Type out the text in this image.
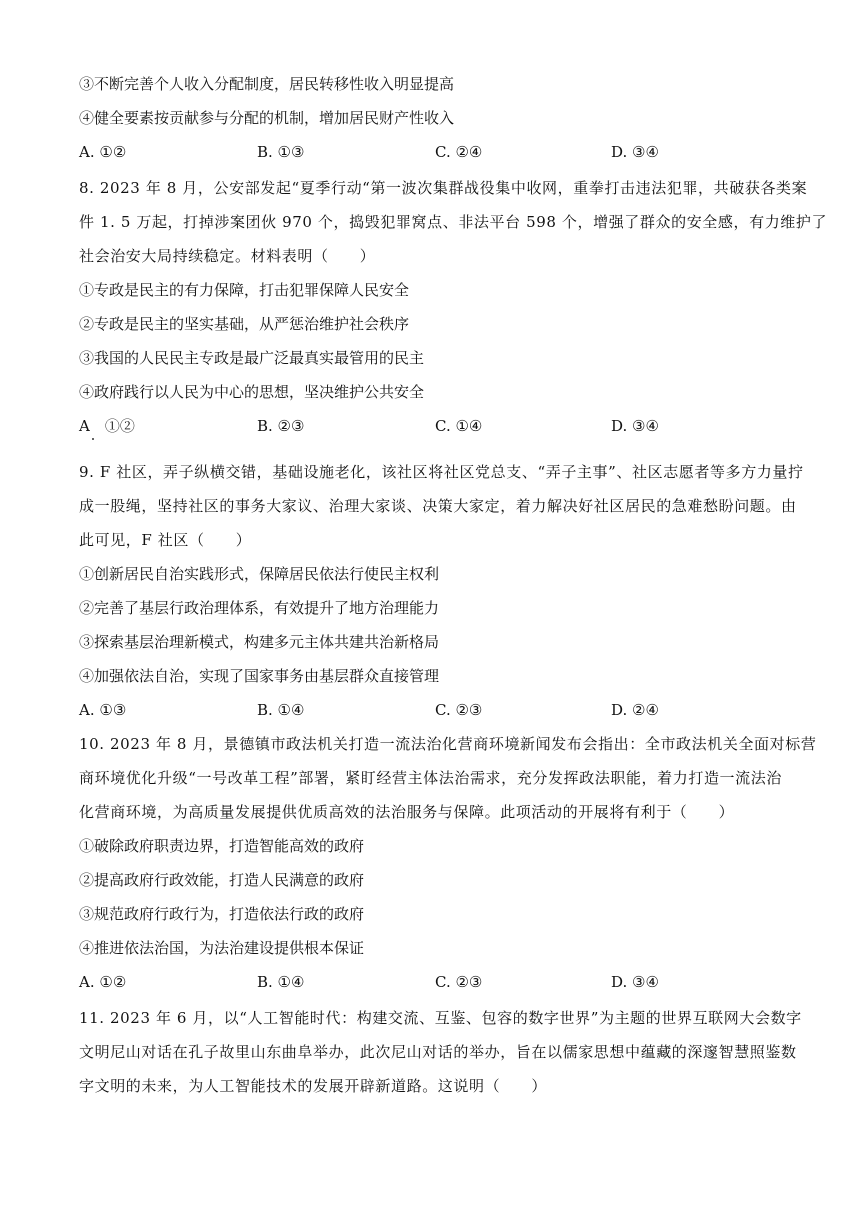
③不断完善个人收入分配制度，居民转移性收入明显提高
④健全要素按贡献参与分配的机制，增加居民财产性收入
A. ①②	B. ①③	C. ②④	D. ③④
8. 2023 年 8 月，公安部发起“夏季行动“第一波次集群战役集中收网，重拳打击违法犯罪，共破获各类案
件 1. 5 万起，打掉涉案团伙 970 个，捣毁犯罪窝点、非法平台 598 个，增强了群众的安全感，有力维护了
社会治安大局持续稳定。材料表明（　　）
①专政是民主的有力保障，打击犯罪保障人民安全
②专政是民主的坚实基础，从严惩治维护社会秩序
③我国的人民民主专政是最广泛最真实最管用的民主
④政府践行以人民为中心的思想，坚决维护公共安全
A　①②	B. ②③	C. ①④	D. ③④
9. F 社区，弄子纵横交错，基础设施老化，该社区将社区党总支、“弄子主事”、社区志愿者等多方力量拧
成一股绳，坚持社区的事务大家议、治理大家谈、决策大家定，着力解决好社区居民的急难愁盼问题。由
此可见，F 社区（　　）
①创新居民自治实践形式，保障居民依法行使民主权利
②完善了基层行政治理体系，有效提升了地方治理能力
③探索基层治理新模式，构建多元主体共建共治新格局
④加强依法自治，实现了国家事务由基层群众直接管理
A. ①③	B. ①④	C. ②③	D. ②④
10. 2023 年 8 月，景德镇市政法机关打造一流法治化营商环境新闻发布会指出：全市政法机关全面对标营
商环境优化升级“一号改革工程”部署，紧盯经营主体法治需求，充分发挥政法职能，着力打造一流法治
化营商环境，为高质量发展提供优质高效的法治服务与保障。此项活动的开展将有利于（　　）
①破除政府职责边界，打造智能高效的政府
②提高政府行政效能，打造人民满意的政府
③规范政府行政行为，打造依法行政的政府
④推进依法治国，为法治建设提供根本保证
A. ①②	B. ①④	C. ②③	D. ③④
11. 2023 年 6 月，以“人工智能时代：构建交流、互鉴、包容的数字世界”为主题的世界互联网大会数字
文明尼山对话在孔子故里山东曲阜举办，此次尼山对话的举办，旨在以儒家思想中蕴藏的深邃智慧照鉴数
字文明的未来，为人工智能技术的发展开辟新道路。这说明（　　）
